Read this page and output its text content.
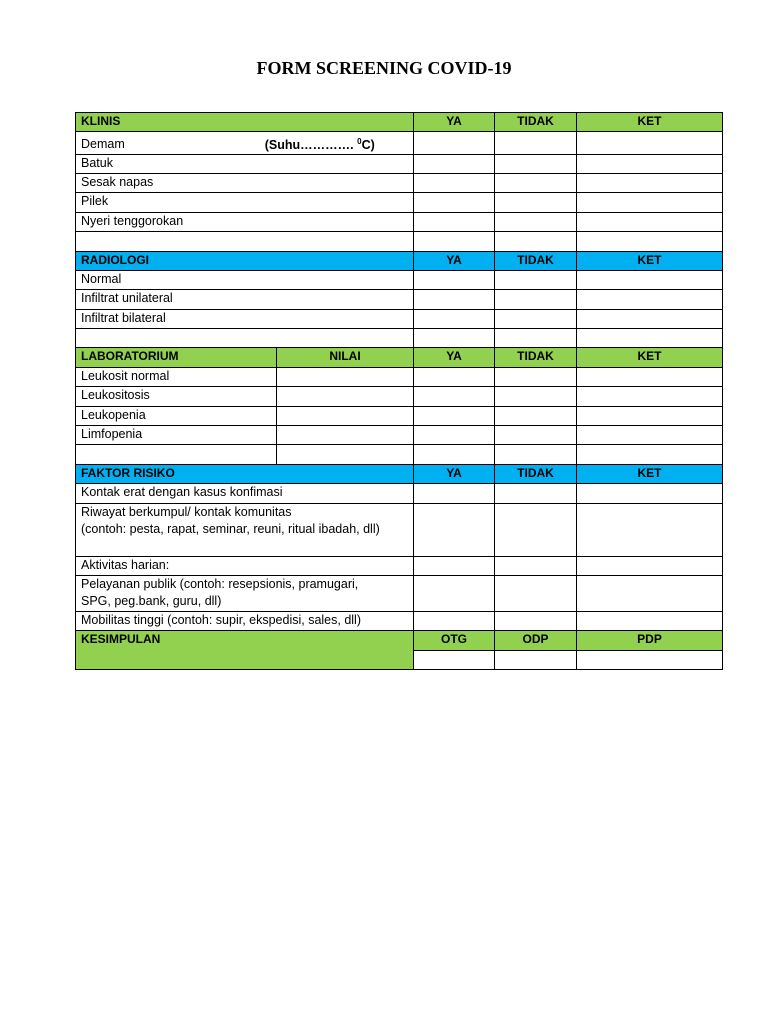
FORM SCREENING COVID-19
KLINIS		YA	TIDAK	KET
Demam (Suhu…………. $^0$C)				
Batuk				
Sesak napas				
Pilek				
Nyeri tenggorokan				

RADIOLOGI		YA	TIDAK	KET
Normal				
Infiltrat unilateral				
Infiltrat bilateral				

LABORATORIUM	NILAI	YA	TIDAK	KET
Leukosit normal				
Leukositosis				
Leukopenia				
Limfopenia				

FAKTOR RISIKO		YA	TIDAK	KET
Kontak erat dengan kasus konfimasi				

Riwayat berkumpul/ kontak komunitas
(contoh: pesta, rapat, seminar, reuni, ritual ibadah, dll)				

Aktivitas harian:				

Pelayanan publik (contoh: resepsionis, pramugari,
SPG, peg.bank, guru, dll)				

Mobilitas tinggi (contoh: supir, ekspedisi, sales, dll)				
KESIMPULAN		OTG	ODP	PDP
